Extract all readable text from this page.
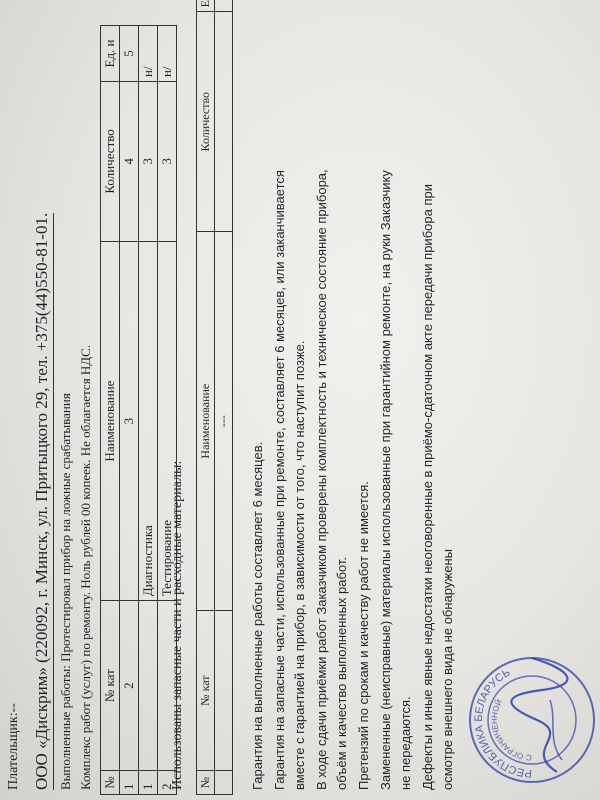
Плательщик:-- ООО «Дискрим» (220092, г. Минск, ул. Притыцкого 29, тел. +375(44)550-81-01. Выполненные работы: Протестировал прибор на ложные срабатывания Комплекс работ (услуг) по ремонту. Ноль рублей 00 копеек. Не облагается НДС. №	№ кат	Наименование	Количество	Ед. и
1	2	3	4	5
1		Диагностика	3	н/
2		Тестирование	3	н/
Использованы запасные части и расходные материалы: №	№ кат	Наименование	Количество	Е
		---		
Гарантия на выполненные работы составляет 6 месяцев. Гарантия на запасные части, использованные при ремонте, составляет 6 месяцев, или заканчивается вместе с гарантией на прибор, в зависимости от того, что наступит позже. В ходе сдачи приёмки работ Заказчиком проверены комплектность и техническое состояние прибора, объём и качество выполненных работ. Претензий по срокам и качеству работ не имеется. Замененные (неисправные) материалы использованные при гарантийном ремонте, на руки Заказчику не передаются. Дефекты и иные явные недостатки неоговоренные в приёмо-сдаточном акте передачи прибора при осмотре внешнего вида не обнаружены	РЕСПУБЛИКА БЕЛАРУСЬ
С ОГРАНИЧЕННОЙ
